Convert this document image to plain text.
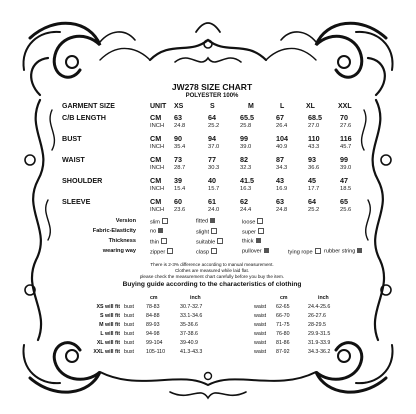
JW278 SIZE CHART
POLYESTER 100%
GARMENT SIZE	UNIT XS	S	M	L	XL	XXL
C/B LENGTH	CM 63	64	65.5	67	68.5	70
INCH 24.8	25.2	25.8	26.4	27.0	27.6
BUST	CM 90	94	99	104	110	116
INCH 35.4	37.0	39.0	40.9	43.3	45.7
WAIST	CM 73	77	82	87	93	99
INCH 28.7	30.3	32.3	34.3	36.6	39.0
SHOULDER	CM 39	40	41.5	43	45	47
INCH 15.4	15.7	16.3	16.9	17.7	18.5
SLEEVE	CM 60	61	62	63	64	65
INCH 23.6	24.0	24.4	24.8	25.2	25.6
Version	slim	fitted	loose
Fabric-Elasticity	no	slight	super
Thickness	thin	suitable	thick
wearing way	zipper	clasp	pullover	tying rope	rubber string
There is 2-3% difference according to manual measurement.
Clothes are measured while laid flat.
please check the measurement chart carefully before you buy the item.
Buying guide according to the characteristics of clothing
cm	inch	cm	inch
XS will fit bust 78-83	30.7-32.7	waist 62-65	24.4-25.6
S will fit bust 84-88	33.1-34.6	waist 66-70	26-27.6
M will fit bust 89-93	35-36.6	waist 71-75	28-29.5
L will fit bust 94-98	37-38.6	waist 76-80	29.9-31.5
XL will fit bust 99-104	39-40.9	waist 81-86	31.9-33.9
XXL will fit bust 105-110	41.3-43.3	waist 87-92	34.3-36.2
